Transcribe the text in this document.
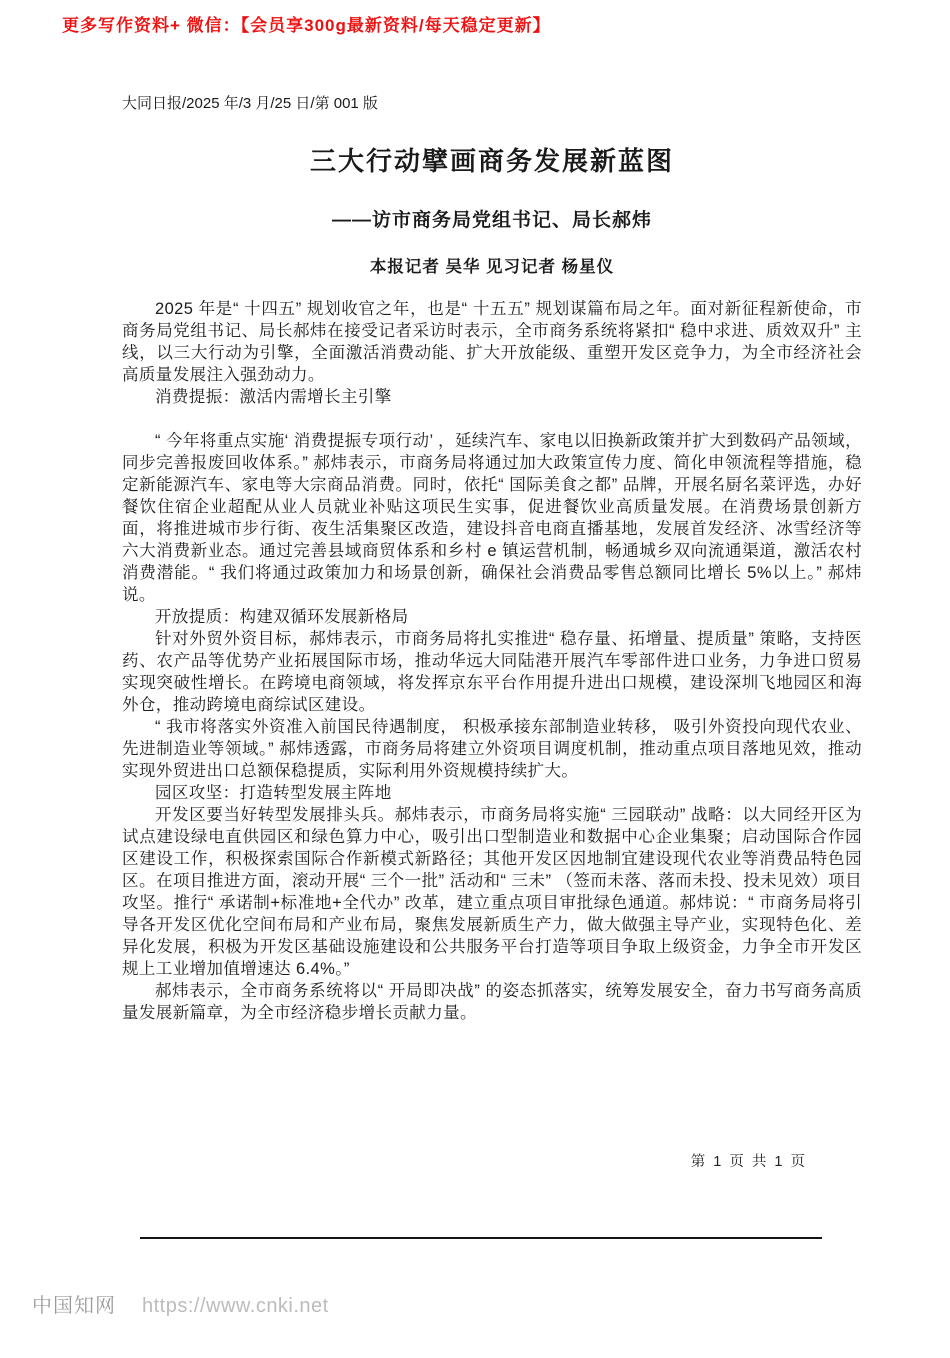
更多写作资料+ 微信：【会员享300g最新资料/每天稳定更新】
大同日报/2025 年/3 月/25 日/第 001 版
三大行动擘画商务发展新蓝图
——访市商务局党组书记、局长郝炜
本报记者 吴华 见习记者 杨星仪

2025 年是“ 十四五” 规划收官之年，也是“ 十五五” 规划谋篇布局之年。面对新征程新使命，市商务局党组书记、局长郝炜在接受记者采访时表示，全市商务系统将紧扣“ 稳中求进、质效双升” 主线，以三大行动为引擎，全面激活消费动能、扩大开放能级、重塑开发区竞争力，为全市经济社会高质量发展注入强劲动力。

消费提振：激活内需增长主引擎

“ 今年将重点实施‘ 消费提振专项行动’ ，延续汽车、家电以旧换新政策并扩大到数码产品领域，同步完善报废回收体系。” 郝炜表示，市商务局将通过加大政策宣传力度、简化申领流程等措施，稳定新能源汽车、家电等大宗商品消费。同时，依托“ 国际美食之都” 品牌，开展名厨名菜评选，办好餐饮住宿企业超配从业人员就业补贴这项民生实事，促进餐饮业高质量发展。在消费场景创新方面，将推进城市步行街、夜生活集聚区改造，建设抖音电商直播基地，发展首发经济、冰雪经济等六大消费新业态。通过完善县域商贸体系和乡村 e 镇运营机制，畅通城乡双向流通渠道，激活农村消费潜能。“ 我们将通过政策加力和场景创新，确保社会消费品零售总额同比增长 5%以上。” 郝炜说。

开放提质：构建双循环发展新格局

针对外贸外资目标，郝炜表示，市商务局将扎实推进“ 稳存量、拓增量、提质量” 策略，支持医药、农产品等优势产业拓展国际市场，推动华远大同陆港开展汽车零部件进口业务，力争进口贸易实现突破性增长。在跨境电商领域，将发挥京东平台作用提升进出口规模，建设深圳飞地园区和海外仓，推动跨境电商综试区建设。

“ 我市将落实外资准入前国民待遇制度， 积极承接东部制造业转移， 吸引外资投向现代农业、先进制造业等领域。” 郝炜透露，市商务局将建立外资项目调度机制，推动重点项目落地见效，推动实现外贸进出口总额保稳提质，实际利用外资规模持续扩大。

园区攻坚：打造转型发展主阵地

开发区要当好转型发展排头兵。郝炜表示，市商务局将实施“ 三园联动” 战略：以大同经开区为试点建设绿电直供园区和绿色算力中心，吸引出口型制造业和数据中心企业集聚；启动国际合作园区建设工作，积极探索国际合作新模式新路径；其他开发区因地制宜建设现代农业等消费品特色园区。在项目推进方面，滚动开展“ 三个一批” 活动和“ 三未” （签而未落、落而未投、投未见效）项目攻坚。推行“ 承诺制+标准地+全代办” 改革，建立重点项目审批绿色通道。郝炜说：“ 市商务局将引导各开发区优化空间布局和产业布局，聚焦发展新质生产力，做大做强主导产业，实现特色化、差异化发展，积极为开发区基础设施建设和公共服务平台打造等项目争取上级资金，力争全市开发区规上工业增加值增速达 6.4%。”

郝炜表示，全市商务系统将以“ 开局即决战” 的姿态抓落实，统筹发展安全，奋力书写商务高质量发展新篇章，为全市经济稳步增长贡献力量。

第 1 页 共 1 页
中国知网 https://www.cnki.net
